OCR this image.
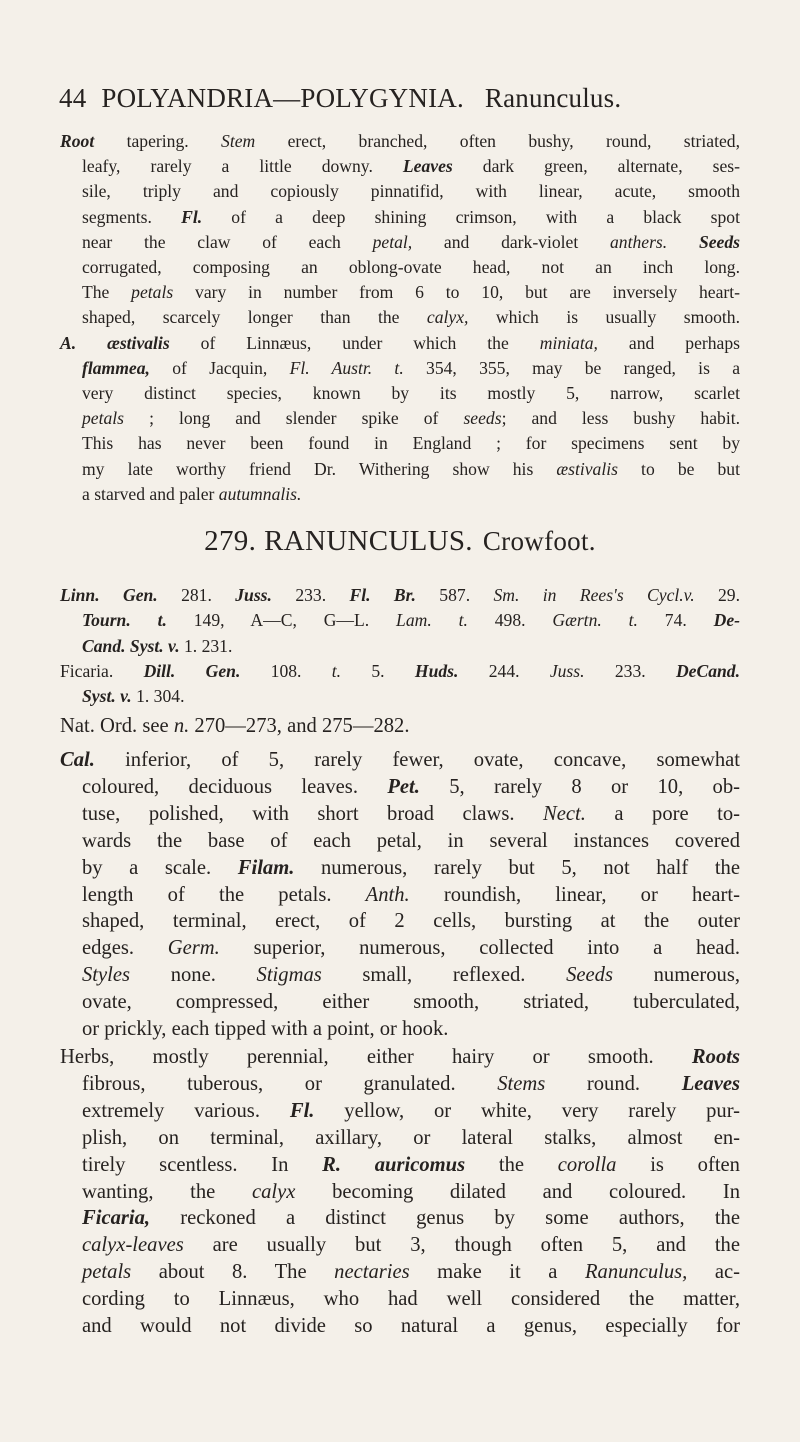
44 POLYANDRIA—POLYGYNIA. Ranunculus.
Root tapering. Stem erect, branched, often bushy, round, striated,
leafy, rarely a little downy. Leaves dark green, alternate, ses-
sile, triply and copiously pinnatifid, with linear, acute, smooth
segments. Fl. of a deep shining crimson, with a black spot
near the claw of each petal, and dark-violet anthers. Seeds
corrugated, composing an oblong-ovate head, not an inch long.
The petals vary in number from 6 to 10, but are inversely heart-
shaped, scarcely longer than the calyx, which is usually smooth.
A. æstivalis of Linnæus, under which the miniata, and perhaps
flammea, of Jacquin, Fl. Austr. t. 354, 355, may be ranged, is a
very distinct species, known by its mostly 5, narrow, scarlet
petals ; long and slender spike of seeds; and less bushy habit.
This has never been found in England ; for specimens sent by
my late worthy friend Dr. Withering show his æstivalis to be but
a starved and paler autumnalis.
279. RANUNCULUS. Crowfoot.
Linn. Gen. 281. Juss. 233. Fl. Br. 587. Sm. in Rees's Cycl.v. 29.
Tourn. t. 149, A—C, G—L. Lam. t. 498. Gærtn. t. 74. De-
Cand. Syst. v. 1. 231.
Ficaria. Dill. Gen. 108. t. 5. Huds. 244. Juss. 233. DeCand.
Syst. v. 1. 304.
Nat. Ord. see n. 270—273, and 275—282.
Cal. inferior, of 5, rarely fewer, ovate, concave, somewhat
coloured, deciduous leaves. Pet. 5, rarely 8 or 10, ob-
tuse, polished, with short broad claws. Nect. a pore to-
wards the base of each petal, in several instances covered
by a scale. Filam. numerous, rarely but 5, not half the
length of the petals. Anth. roundish, linear, or heart-
shaped, terminal, erect, of 2 cells, bursting at the outer
edges. Germ. superior, numerous, collected into a head.
Styles none. Stigmas small, reflexed. Seeds numerous,
ovate, compressed, either smooth, striated, tuberculated,
or prickly, each tipped with a point, or hook.
Herbs, mostly perennial, either hairy or smooth. Roots
fibrous, tuberous, or granulated. Stems round. Leaves
extremely various. Fl. yellow, or white, very rarely pur-
plish, on terminal, axillary, or lateral stalks, almost en-
tirely scentless. In R. auricomus the corolla is often
wanting, the calyx becoming dilated and coloured. In
Ficaria, reckoned a distinct genus by some authors, the
calyx-leaves are usually but 3, though often 5, and the
petals about 8. The nectaries make it a Ranunculus, ac-
cording to Linnæus, who had well considered the matter,
and would not divide so natural a genus, especially for
